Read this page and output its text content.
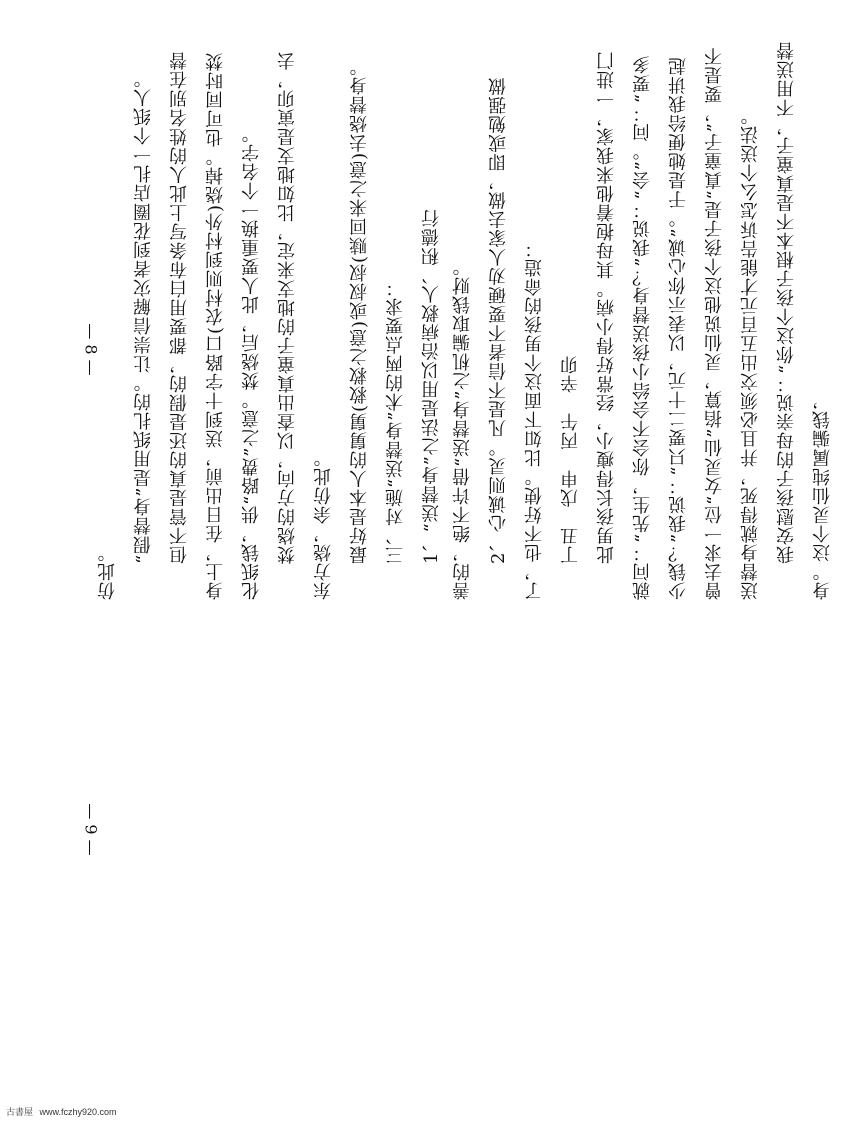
仿此。

“假替身”是用纸扎的。让崇信解灾者到花圈店扎一个纸人。 但不管是真的还是假的，都要用白布条写上此人的姓名别在替身上，在日出前，送到十字路口(农村则到村外)烧掉。也可同时焚化纸钱，供“路费”之意。焚烧后，此人要重换一个名字。 焚烧的方向，以查出真童子的地支来定，比如地支是寅卯，去东方烧，余仿此。 最好是本人的舅舅(救救之意)或叔叔(赎回来之意)去烧替身。 三、对施“送替身”术的两点要求： 1、“送替身”之法是用以治病救人、积德行

— 8 —	善的，绝不许借“送替身”之机骗取钱财。 2、心诚则灵。凡是不信者不要硬劝人家去做，即或勉强做了，也不好使。比如下面这个男孩的命造： 丁丑　戊申　丙午　辛卯 此男孩长得瘦小，经常好得小病。其母抱着他来我家，一进门就问：“先生，你会不会给小孩送替身？”我说：“会”。问：“要多少钱？”我说：“只要二十元，以表示你心诚”。于是她便给我讲起曾去求一位“女灵仙”掐算，灵仙说他这个孩子是“真童子”，要是不送替身就得死，并且必须交出五百元才能告诉怎么个送法。 我安慰孩子的母亲说：“你这个孩子根本不是真童子，不用送替身。这个灵仙纯属骗钱，

— 9 —
古書屋 www.fczhy920.com
